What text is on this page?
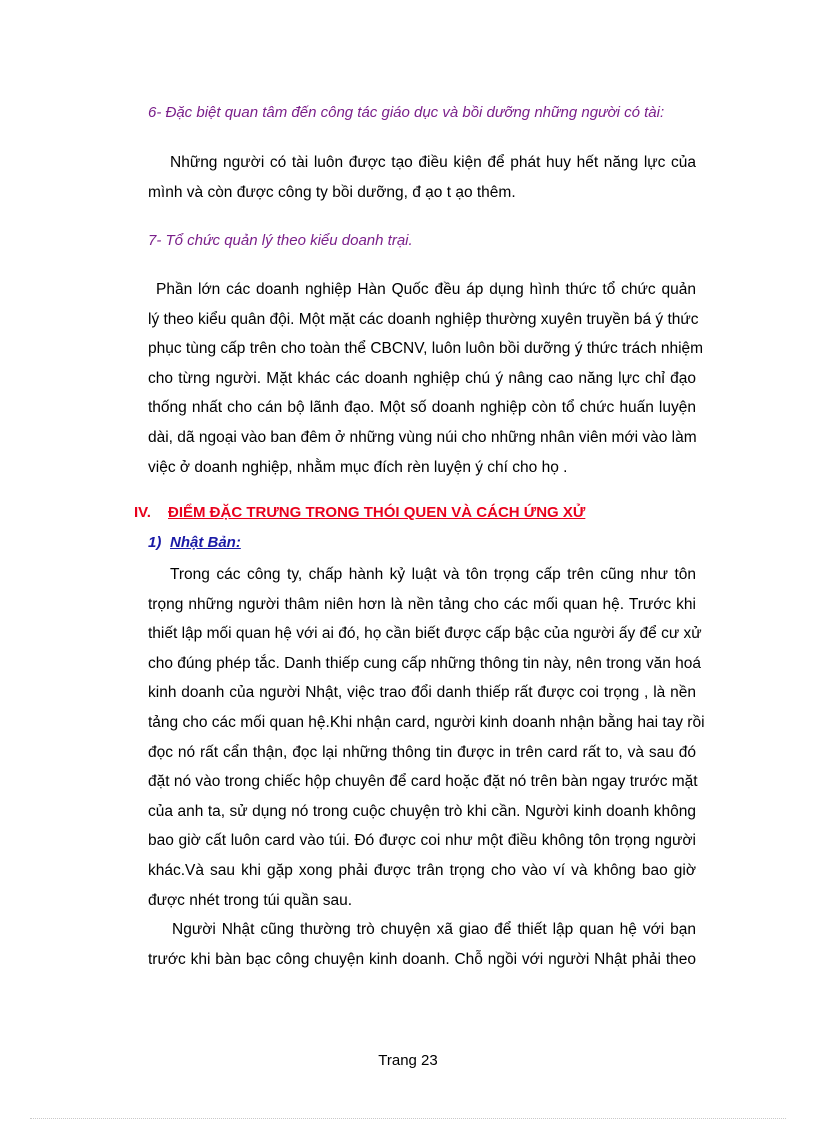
6- Đặc biệt quan tâm đến công tác giáo dục và bồi dưỡng những người có tài:
Những người có tài luôn được tạo điều kiện để phát huy hết năng lực của
mình và còn được công ty bồi dưỡng, đ ạo t ạo thêm.
7- Tổ chức quản lý theo kiểu doanh trại.
Phần lớn các doanh nghiệp Hàn Quốc đều áp dụng hình thức tổ chức quản
lý theo kiểu quân đội. Một mặt các doanh nghiệp thường xuyên truyền bá ý thức
phục tùng cấp trên cho toàn thể CBCNV, luôn luôn bồi dưỡng ý thức trách nhiệm
cho từng người. Mặt khác các doanh nghiệp chú ý nâng cao năng lực chỉ đạo
thống nhất cho cán bộ lãnh đạo. Một số doanh nghiệp còn tổ chức huấn luyện
dài, dã ngoại vào ban đêm ở những vùng núi cho những nhân viên mới vào làm
việc ở doanh nghiệp, nhằm mục đích rèn luyện ý chí cho họ .
IV. ĐIỂM ĐẶC TRƯNG TRONG THÓI QUEN VÀ CÁCH ỨNG XỬ
1) Nhật Bản:
Trong các công ty, chấp hành kỷ luật và tôn trọng cấp trên cũng như tôn
trọng những người thâm niên hơn là nền tảng cho các mối quan hệ. Trước khi
thiết lập mối quan hệ với ai đó, họ cần biết được cấp bậc của người ấy để cư xử
cho đúng phép tắc. Danh thiếp cung cấp những thông tin này, nên trong văn hoá
kinh doanh của người Nhật, việc trao đổi danh thiếp rất được coi trọng , là nền
tảng cho các mối quan hệ.Khi nhận card, người kinh doanh nhận bằng hai tay rồi
đọc nó rất cẩn thận, đọc lại những thông tin được in trên card rất to, và sau đó
đặt nó vào trong chiếc hộp chuyên để card hoặc đặt nó trên bàn ngay trước mặt
của anh ta, sử dụng nó trong cuộc chuyện trò khi cần. Người kinh doanh không
bao giờ cất luôn card vào túi. Đó được coi như một điều không tôn trọng người
khác.Và sau khi gặp xong phải được trân trọng cho vào ví và không bao giờ
được nhét trong túi quần sau.
Người Nhật cũng thường trò chuyện xã giao để thiết lập quan hệ với bạn
trước khi bàn bạc công chuyện kinh doanh. Chỗ ngồi với người Nhật phải theo
Trang 23
